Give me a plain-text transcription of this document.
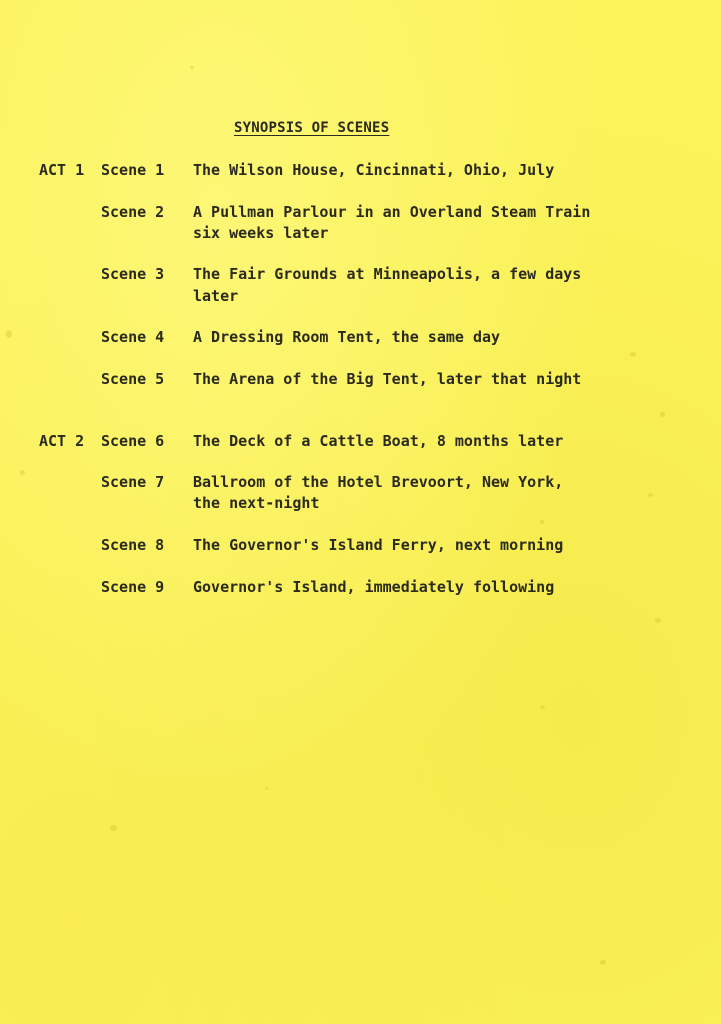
SYNOPSIS OF SCENES
ACT 1 Scene 1 The Wilson House, Cincinnati, Ohio, July
Scene 2 A Pullman Parlour in an Overland Steam Train
six weeks later
Scene 3 The Fair Grounds at Minneapolis, a few days
later
Scene 4 A Dressing Room Tent, the same day
Scene 5 The Arena of the Big Tent, later that night
ACT 2 Scene 6 The Deck of a Cattle Boat, 8 months later
Scene 7 Ballroom of the Hotel Brevoort, New York,
the next-night
Scene 8 The Governor's Island Ferry, next morning
Scene 9 Governor's Island, immediately following
